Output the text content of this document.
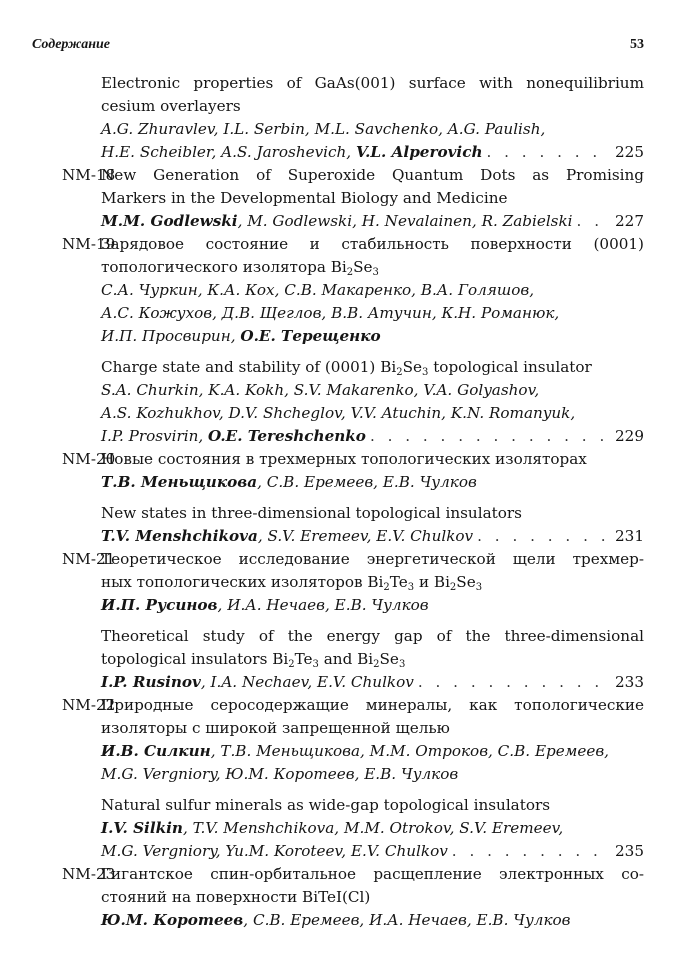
Содержание	53
Electronic properties of GaAs(001) surface with nonequilibrium
cesium overlayers
A.G. Zhuravlev, I.L. Serbin, M.L. Savchenko, A.G. Paulish,
H.E. Scheibler, A.S. Jaroshevich, V.L. Alperovich . . .	225
NM-18New Generation of Superoxide Quantum Dots as Promising
Markers in the Developmental Biology and Medicine
M.M. Godlewski, M. Godlewski, H. Nevalainen, R. Zabielski . . .	227
NM-19Зарядовое состояние и стабильность поверхности (0001)
топологического изолятора $Bi_2Se_3$
С.А. Чуркин, К.А. Кох, С.В. Макаренко, В.А. Голяшов,
А.С. Кожухов, Д.В. Щеглов, В.В. Атучин, К.Н. Романюк,
И.П. Просвирин, О.Е. Терещенко
Charge state and stability of (0001) $Bi_2Se_3$ topological insulator
S.A. Churkin, K.A. Kokh, S.V. Makarenko, V.A. Golyashov,
A.S. Kozhukhov, D.V. Shcheglov, V.V. Atuchin, K.N. Romanyuk,
I.P. Prosvirin, O.E. Tereshchenko . . .	229
NM-20Новые состояния в трехмерных топологических изоляторах
Т.В. Меньщикова, С.В. Еремеев, Е.В. Чулков
New states in three-dimensional topological insulators
T.V. Menshchikova, S.V. Eremeev, E.V. Chulkov . . .	231
NM-21Теоретическое исследование энергетической щели трехмер-
ных топологических изоляторов $Bi_2Te_3$ и $Bi_2Se_3$
И.П. Русинов, И.А. Нечаев, Е.В. Чулков
Theoretical study of the energy gap of the three-dimensional
topological insulators $Bi_2Te_3$ and $Bi_2Se_3$
I.P. Rusinov, I.A. Nechaev, E.V. Chulkov . . .	233
NM-22Природные серосодержащие минералы, как топологические
изоляторы с широкой запрещенной щелью
И.В. Силкин, Т.В. Меньщикова, М.М. Отроков, С.В. Еремеев,
M.G. Vergniory, Ю.М. Коротеев, Е.В. Чулков
Natural sulfur minerals as wide-gap topological insulators
I.V. Silkin, T.V. Menshchikova, M.M. Otrokov, S.V. Eremeev,
M.G. Vergniory, Yu.M. Koroteev, E.V. Chulkov . . .	235
NM-23Гигантское спин-орбитальное расщепление электронных со-
стояний на поверхности BiTeI(Cl)
Ю.М. Коротеев, С.В. Еремеев, И.А. Нечаев, Е.В. Чулков
